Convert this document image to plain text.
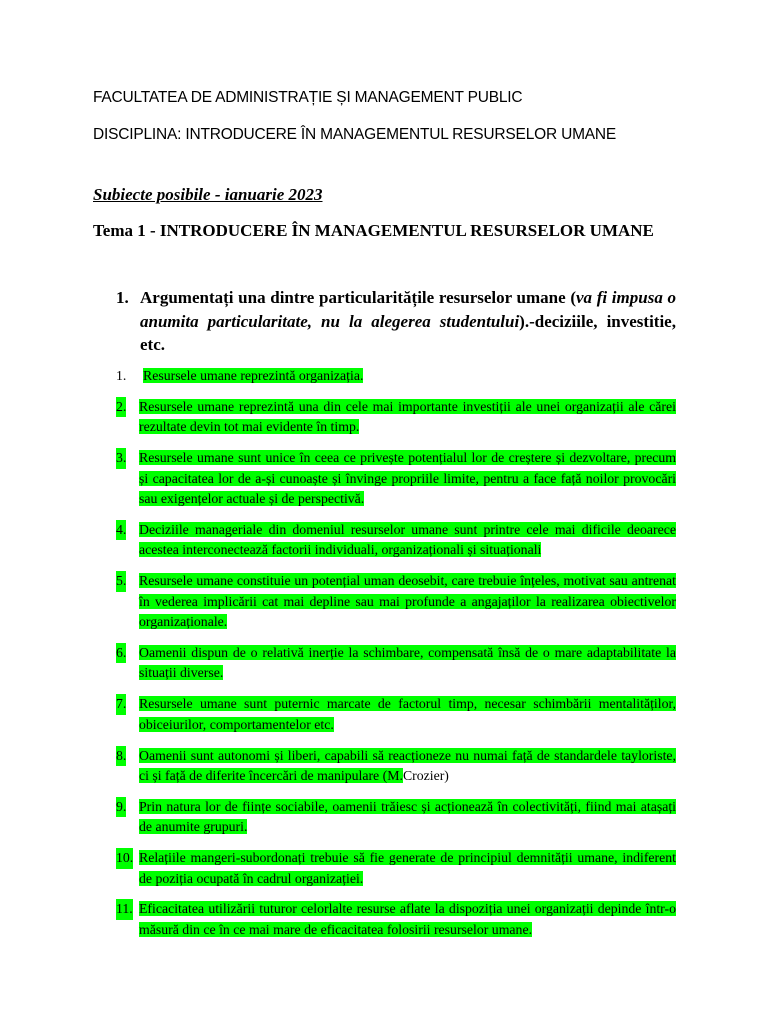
FACULTATEA DE ADMINISTRAȚIE ȘI MANAGEMENT PUBLIC
DISCIPLINA: INTRODUCERE ÎN MANAGEMENTUL RESURSELOR UMANE
Subiecte posibile - ianuarie 2023
Tema 1 - INTRODUCERE ÎN MANAGEMENTUL RESURSELOR UMANE
1. Argumentați una dintre particularitățile resurselor umane (va fi impusa o anumita particularitate, nu la alegerea studentului).-deciziile, investitie, etc.
1. Resursele umane reprezintă organizația.
2. Resursele umane reprezintă una din cele mai importante investiții ale unei organizații ale cărei rezultate devin tot mai evidente în timp.
3. Resursele umane sunt unice în ceea ce privește potențialul lor de creștere și dezvoltare, precum și capacitatea lor de a-și cunoaște și învinge propriile limite, pentru a face față noilor provocări sau exigențelor actuale și de perspectivă.
4. Deciziile manageriale din domeniul resurselor umane sunt printre cele mai dificile deoarece acestea interconectează factorii individuali, organizaționali și situaționali
5. Resursele umane constituie un potențial uman deosebit, care trebuie înțeles, motivat sau antrenat în vederea implicării cat mai depline sau mai profunde a angajaților la realizarea obiectivelor organizaționale.
6. Oamenii dispun de o relativă inerție la schimbare, compensată însă de o mare adaptabilitate la situații diverse.
7. Resursele umane sunt puternic marcate de factorul timp, necesar schimbării mentalităților, obiceiurilor, comportamentelor etc.
8. Oamenii sunt autonomi și liberi, capabili să reacționeze nu numai față de standardele tayloriste, ci și față de diferite încercări de manipulare (M.Crozier)
9. Prin natura lor de ființe sociabile, oamenii trăiesc și acționează în colectivități, fiind mai atașați de anumite grupuri.
10. Relațiile mangeri-subordonați trebuie să fie generate de principiul demnității umane, indiferent de poziția ocupată în cadrul organizației.
11. Eficacitatea utilizării tuturor celorlalte resurse aflate la dispoziția unei organizații depinde într-o măsură din ce în ce mai mare de eficacitatea folosirii resurselor umane.
